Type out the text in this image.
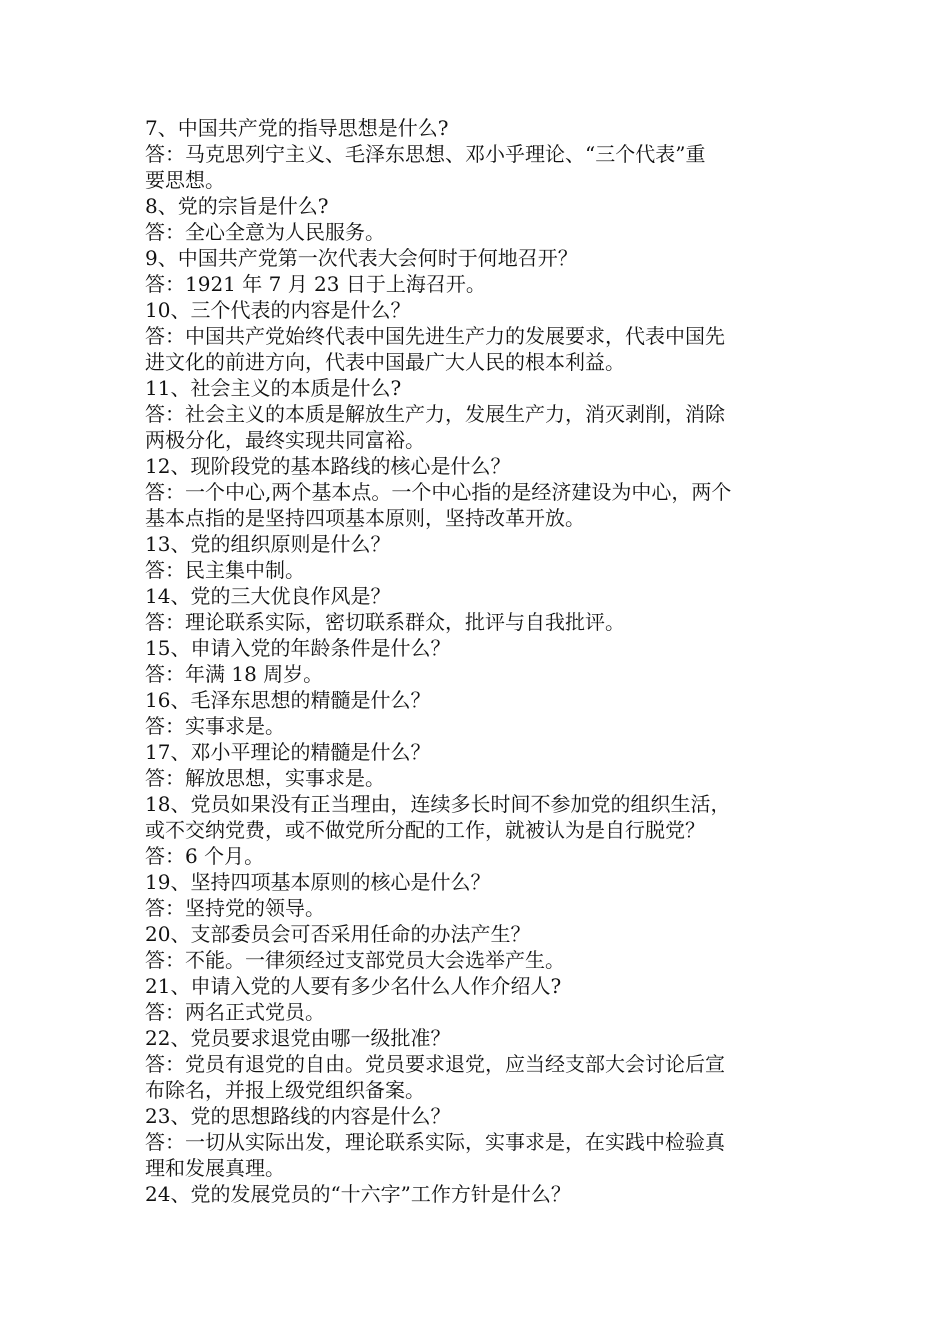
7、中国共产党的指导思想是什么?
答：马克思列宁主义、毛泽东思想、邓小乎理论、“三个代表”重
要思想。
8、党的宗旨是什么?
答：全心全意为人民服务。
9、中国共产党第一次代表大会何时于何地召开？
答：1921 年 7 月 23 日于上海召开。
10、三个代表的内容是什么？
答：中国共产党始终代表中国先进生产力的发展要求，代表中国先
进文化的前进方向，代表中国最广大人民的根本利益。
11、社会主义的本质是什么?
答：社会主义的本质是解放生产力，发展生产力，消灭剥削，消除
两极分化，最终实现共同富裕。
12、现阶段党的基本路线的核心是什么？
答：一个中心,两个基本点。一个中心指的是经济建设为中心，两个
基本点指的是坚持四项基本原则，坚持改革开放。
13、党的组织原则是什么？
答：民主集中制。
14、党的三大优良作风是？
答：理论联系实际，密切联系群众，批评与自我批评。
15、申请入党的年龄条件是什么？
答：年满 18 周岁。
16、毛泽东思想的精髓是什么？
答：实事求是。
17、邓小平理论的精髓是什么？
答：解放思想，实事求是。
18、党员如果没有正当理由，连续多长时间不参加党的组织生活，
或不交纳党费，或不做党所分配的工作，就被认为是自行脱党？
答：6 个月。
19、坚持四项基本原则的核心是什么？
答：坚持党的领导。
20、支部委员会可否采用任命的办法产生？
答：不能。一律须经过支部党员大会选举产生。
21、申请入党的人要有多少名什么人作介绍人?
答：两名正式党员。
22、党员要求退党由哪一级批准？
答：党员有退党的自由。党员要求退党，应当经支部大会讨论后宣
布除名，并报上级党组织备案。
23、党的思想路线的内容是什么？
答：一切从实际出发，理论联系实际，实事求是，在实践中检验真
理和发展真理。
24、党的发展党员的“十六字”工作方针是什么？
